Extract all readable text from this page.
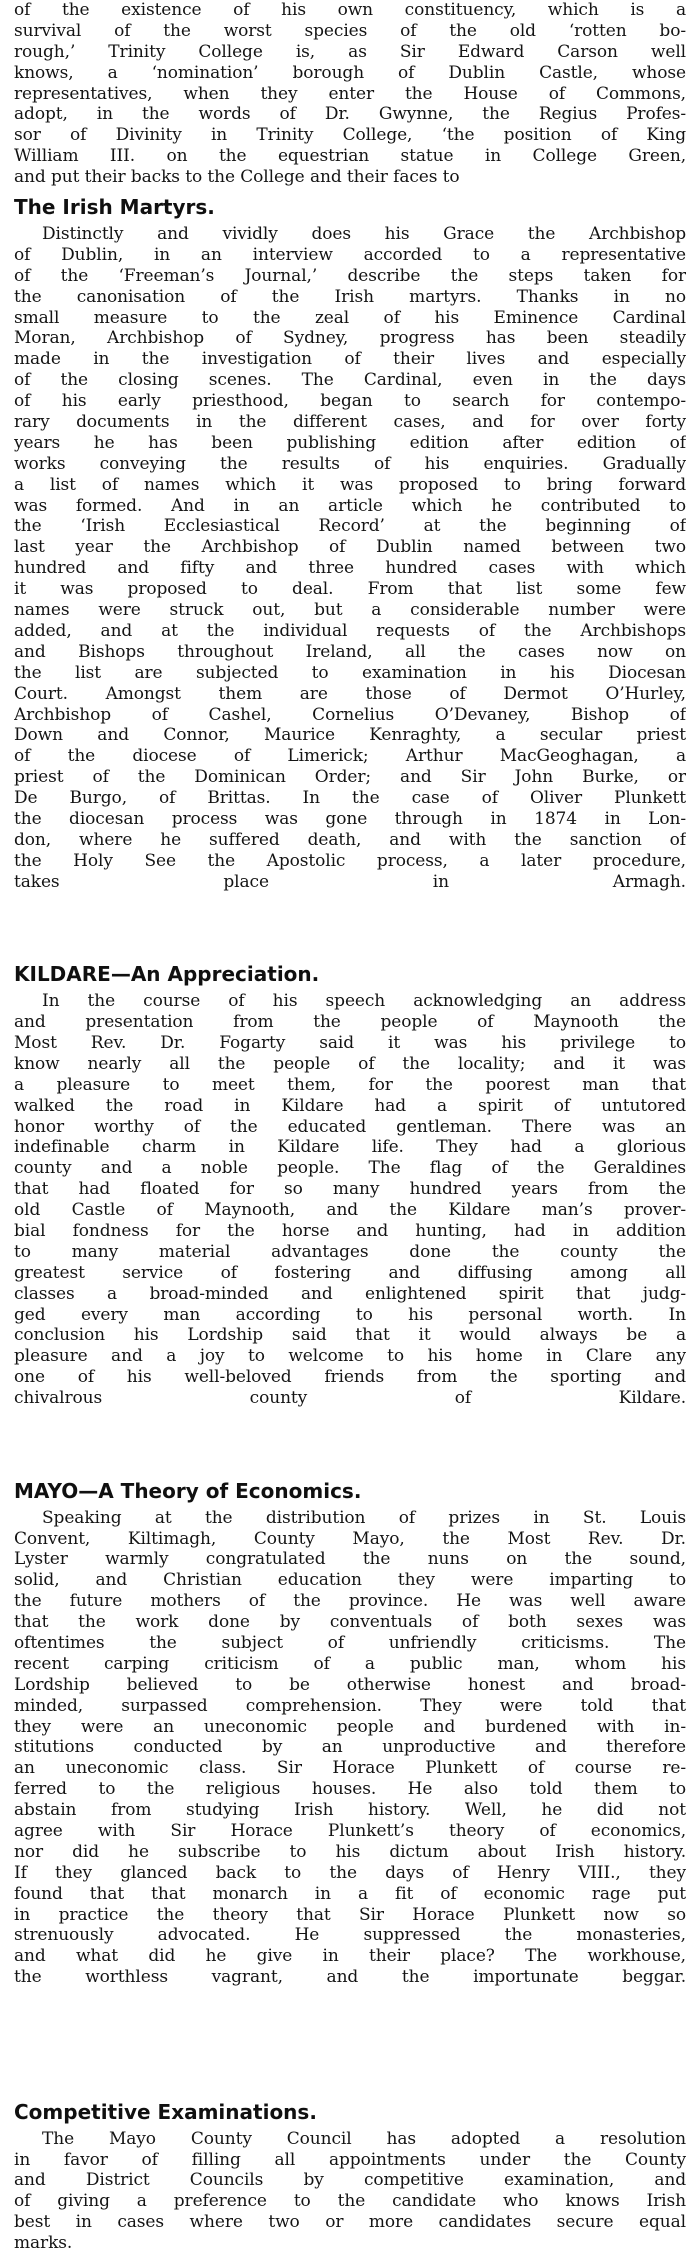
of the existence of his own constituency, which is a
survival of the worst species of the old ‘rotten bo-
rough,’ Trinity College is, as Sir Edward Carson well
knows, a ‘nomination’ borough of Dublin Castle, whose
representatives, when they enter the House of Commons,
adopt, in the words of Dr. Gwynne, the Regius Profes-
sor of Divinity in Trinity College, ‘the position of King
William III. on the equestrian statue in College Green,
and put their backs to the College and their faces to
The Irish Martyrs.
Distinctly and vividly does his Grace the Archbishop
of Dublin, in an interview accorded to a representative
of the ‘Freeman’s Journal,’ describe the steps taken for
the canonisation of the Irish martyrs. Thanks in no
small measure to the zeal of his Eminence Cardinal
Moran, Archbishop of Sydney, progress has been steadily
made in the investigation of their lives and especially
of the closing scenes. The Cardinal, even in the days
of his early priesthood, began to search for contempo-
rary documents in the different cases, and for over forty
years he has been publishing edition after edition of
works conveying the results of his enquiries. Gradually
a list of names which it was proposed to bring forward
was formed. And in an article which he contributed to
the ‘Irish Ecclesiastical Record’ at the beginning of
last year the Archbishop of Dublin named between two
hundred and fifty and three hundred cases with which
it was proposed to deal. From that list some few
names were struck out, but a considerable number were
added, and at the individual requests of the Archbishops
and Bishops throughout Ireland, all the cases now on
the list are subjected to examination in his Diocesan
Court. Amongst them are those of Dermot O’Hurley,
Archbishop of Cashel, Cornelius O’Devaney, Bishop of
Down and Connor, Maurice Kenraghty, a secular priest
of the diocese of Limerick; Arthur MacGeoghagan, a
priest of the Dominican Order; and Sir John Burke, or
De Burgo, of Brittas. In the case of Oliver Plunkett
the diocesan process was gone through in 1874 in Lon-
don, where he suffered death, and with the sanction of
the Holy See the Apostolic process, a later procedure,
takes place in Armagh.
KILDARE—An Appreciation.
In the course of his speech acknowledging an address
and presentation from the people of Maynooth the
Most Rev. Dr. Fogarty said it was his privilege to
know nearly all the people of the locality; and it was
a pleasure to meet them, for the poorest man that
walked the road in Kildare had a spirit of untutored
honor worthy of the educated gentleman. There was an
indefinable charm in Kildare life. They had a glorious
county and a noble people. The flag of the Geraldines
that had floated for so many hundred years from the
old Castle of Maynooth, and the Kildare man’s prover-
bial fondness for the horse and hunting, had in addition
to many material advantages done the county the
greatest service of fostering and diffusing among all
classes a broad-minded and enlightened spirit that judg-
ged every man according to his personal worth. In
conclusion his Lordship said that it would always be a
pleasure and a joy to welcome to his home in Clare any
one of his well-beloved friends from the sporting and
chivalrous county of Kildare.
MAYO—A Theory of Economics.
Speaking at the distribution of prizes in St. Louis
Convent, Kiltimagh, County Mayo, the Most Rev. Dr.
Lyster warmly congratulated the nuns on the sound,
solid, and Christian education they were imparting to
the future mothers of the province. He was well aware
that the work done by conventuals of both sexes was
oftentimes the subject of unfriendly criticisms. The
recent carping criticism of a public man, whom his
Lordship believed to be otherwise honest and broad-
minded, surpassed comprehension. They were told that
they were an uneconomic people and burdened with in-
stitutions conducted by an unproductive and therefore
an uneconomic class. Sir Horace Plunkett of course re-
ferred to the religious houses. He also told them to
abstain from studying Irish history. Well, he did not
agree with Sir Horace Plunkett’s theory of economics,
nor did he subscribe to his dictum about Irish history.
If they glanced back to the days of Henry VIII., they
found that that monarch in a fit of economic rage put
in practice the theory that Sir Horace Plunkett now so
strenuously advocated. He suppressed the monasteries,
and what did he give in their place? The workhouse,
the worthless vagrant, and the importunate beggar.
Competitive Examinations.
The Mayo County Council has adopted a resolution
in favor of filling all appointments under the County
and District Councils by competitive examination, and
of giving a preference to the candidate who knows Irish
best in cases where two or more candidates secure equal
marks.
